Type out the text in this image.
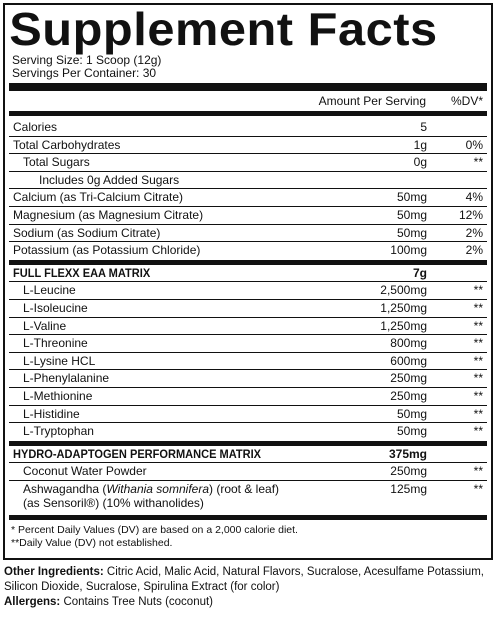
Supplement Facts
Serving Size: 1 Scoop (12g)
Servings Per Container: 30
Amount Per Serving %DV*
Calories	5
Total Carbohydrates	1g	0%
Total Sugars	0g	**
Includes 0g Added Sugars
Calcium (as Tri-Calcium Citrate)	50mg	4%
Magnesium (as Magnesium Citrate)	50mg	12%
Sodium (as Sodium Citrate)	50mg	2%
Potassium (as Potassium Chloride)	100mg	2%
FULL FLEXX EAA MATRIX	7g
L-Leucine	2,500mg	**
L-Isoleucine	1,250mg	**
L-Valine	1,250mg	**
L-Threonine	800mg	**
L-Lysine HCL	600mg	**
L-Phenylalanine	250mg	**
L-Methionine	250mg	**
L-Histidine	50mg	**
L-Tryptophan	50mg	**
HYDRO-ADAPTOGEN PERFORMANCE MATRIX	375mg
Coconut Water Powder	250mg	**
Ashwagandha (Withania somnifera) (root & leaf)
(as Sensoril®) (10% withanolides)
125mg	**
* Percent Daily Values (DV) are based on a 2,000 calorie diet.
**Daily Value (DV) not established.
Other Ingredients: Citric Acid, Malic Acid, Natural Flavors, Sucralose, Acesulfame Potassium, Silicon Dioxide, Sucralose, Spirulina Extract (for color)
Allergens: Contains Tree Nuts (coconut)
